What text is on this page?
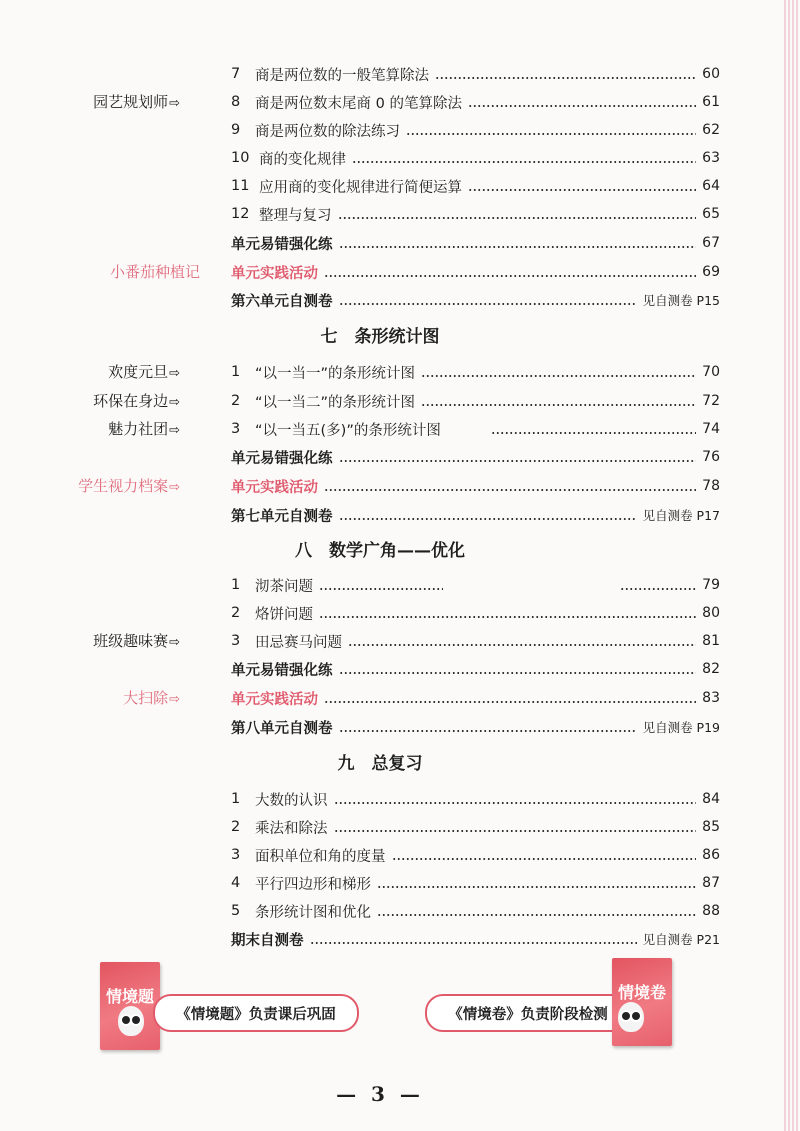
7	商是两位数的一般笔算除法	60
园艺规划师⇨	8	商是两位数末尾商 0 的笔算除法	61
9	商是两位数的除法练习	62
10 商的变化规律	63
11 应用商的变化规律进行简便运算	64
12 整理与复习	65
单元易错强化练	67
小番茄种植记 单元实践活动	69
第六单元自测卷	见自测卷 P15
七　条形统计图
欢度元旦⇨	1	“以一当一”的条形统计图	70
环保在身边⇨	2	“以一当二”的条形统计图	72
魅力社团⇨	3	“以一当五(多)”的条形统计图	74
单元易错强化练	76
学生视力档案⇨	单元实践活动	78
第七单元自测卷	见自测卷 P17
八　数学广角——优化
1	沏茶问题	79
2	烙饼问题	80
班级趣味赛⇨	3	田忌赛马问题	81
单元易错强化练	82
大扫除⇨	单元实践活动	83
第八单元自测卷	见自测卷 P19
九　总复习
1	大数的认识	84
2	乘法和除法	85
3	面积单位和角的度量	86
4	平行四边形和梯形	87
5	条形统计图和优化	88
期末自测卷	见自测卷 P21
情境题
《情境题》负责课后巩固	《情境卷》负责阶段检测
情境卷
— 3 —
